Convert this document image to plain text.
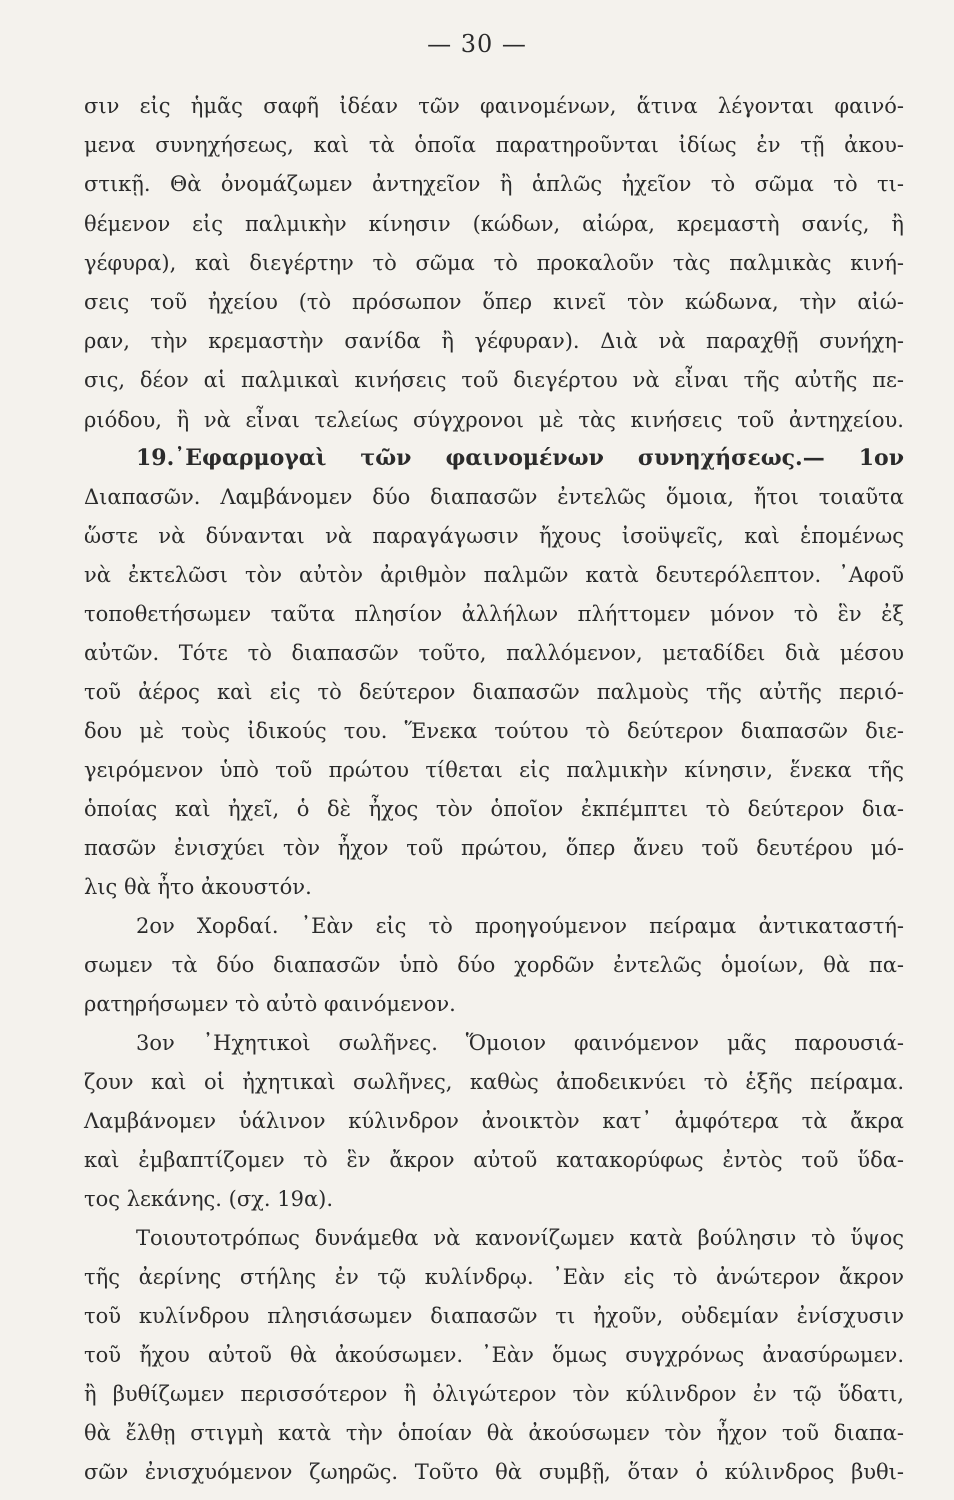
— 30 —
σιν εἰς ἡμᾶς σαφῆ ἰδέαν τῶν φαινομένων, ἅτινα λέγονται φαινό-
μενα συνηχήσεως, καὶ τὰ ὁποῖα παρατηροῦνται ἰδίως ἐν τῇ ἀκου-
στικῇ. Θὰ ὀνομάζωμεν ἀντηχεῖον ἢ ἁπλῶς ἠχεῖον τὸ σῶμα τὸ τι-
θέμενον εἰς παλμικὴν κίνησιν (κώδων, αἰώρα, κρεμαστὴ σανίς, ἢ
γέφυρα), καὶ διεγέρτην τὸ σῶμα τὸ προκαλοῦν τὰς παλμικὰς κινή-
σεις τοῦ ἠχείου (τὸ πρόσωπον ὅπερ κινεῖ τὸν κώδωνα, τὴν αἰώ-
ραν, τὴν κρεμαστὴν σανίδα ἢ γέφυραν). Διὰ νὰ παραχθῇ συνήχη-
σις, δέον αἱ παλμικαὶ κινήσεις τοῦ διεγέρτου νὰ εἶναι τῆς αὐτῆς πε-
ριόδου, ἢ νὰ εἶναι τελείως σύγχρονοι μὲ τὰς κινήσεις τοῦ ἀντηχείου.
19.᾽Εφαρμογαὶ τῶν φαινομένων συνηχήσεως.— 1ον
Διαπασῶν. Λαμβάνομεν δύο διαπασῶν ἐντελῶς ὅμοια, ἤτοι τοιαῦτα
ὥστε νὰ δύνανται νὰ παραγάγωσιν ἤχους ἰσοϋψεῖς, καὶ ἑπομένως
νὰ ἐκτελῶσι τὸν αὐτὸν ἀριθμὸν παλμῶν κατὰ δευτερόλεπτον. ᾽Αφοῦ
τοποθετήσωμεν ταῦτα πλησίον ἀλλήλων πλήττομεν μόνον τὸ ἓν ἐξ
αὐτῶν. Τότε τὸ διαπασῶν τοῦτο, παλλόμενον, μεταδίδει διὰ μέσου
τοῦ ἀέρος καὶ εἰς τὸ δεύτερον διαπασῶν παλμοὺς τῆς αὐτῆς περιό-
δου μὲ τοὺς ἰδικούς του. Ἕνεκα τούτου τὸ δεύτερον διαπασῶν διε-
γειρόμενον ὑπὸ τοῦ πρώτου τίθεται εἰς παλμικὴν κίνησιν, ἕνεκα τῆς
ὁποίας καὶ ἠχεῖ, ὁ δὲ ἦχος τὸν ὁποῖον ἐκπέμπτει τὸ δεύτερον δια-
πασῶν ἐνισχύει τὸν ἦχον τοῦ πρώτου, ὅπερ ἄνευ τοῦ δευτέρου μό-
λις θὰ ἦτο ἀκουστόν.
2ον Χορδαί. ᾽Εὰν εἰς τὸ προηγούμενον πείραμα ἀντικαταστή-
σωμεν τὰ δύο διαπασῶν ὑπὸ δύο χορδῶν ἐντελῶς ὁμοίων, θὰ πα-
ρατηρήσωμεν τὸ αὐτὸ φαινόμενον.
3ον ᾽Ηχητικοὶ σωλῆνες. Ὅμοιον φαινόμενον μᾶς παρουσιά-
ζουν καὶ οἱ ἠχητικαὶ σωλῆνες, καθὼς ἀποδεικνύει τὸ ἑξῆς πείραμα.
Λαμβάνομεν ὑάλινον κύλινδρον ἀνοικτὸν κατ᾽ ἀμφότερα τὰ ἄκρα
καὶ ἐμβαπτίζομεν τὸ ἓν ἄκρον αὐτοῦ κατακορύφως ἐντὸς τοῦ ὕδα-
τος λεκάνης. (σχ. 19α).
Τοιουτοτρόπως δυνάμεθα νὰ κανονίζωμεν κατὰ βούλησιν τὸ ὕψος
τῆς ἀερίνης στήλης ἐν τῷ κυλίνδρῳ. ᾽Εὰν εἰς τὸ ἀνώτερον ἄκρον
τοῦ κυλίνδρου πλησιάσωμεν διαπασῶν τι ἠχοῦν, οὐδεμίαν ἐνίσχυσιν
τοῦ ἤχου αὐτοῦ θὰ ἀκούσωμεν. ᾽Εὰν ὅμως συγχρόνως ἀνασύρωμεν.
ἢ βυθίζωμεν περισσότερον ἢ ὀλιγώτερον τὸν κύλινδρον ἐν τῷ ὕδατι,
θὰ ἔλθῃ στιγμὴ κατὰ τὴν ὁποίαν θὰ ἀκούσωμεν τὸν ἦχον τοῦ διαπα-
σῶν ἐνισχυόμενον ζωηρῶς. Τοῦτο θὰ συμβῇ, ὅταν ὁ κύλινδρος βυθι-
